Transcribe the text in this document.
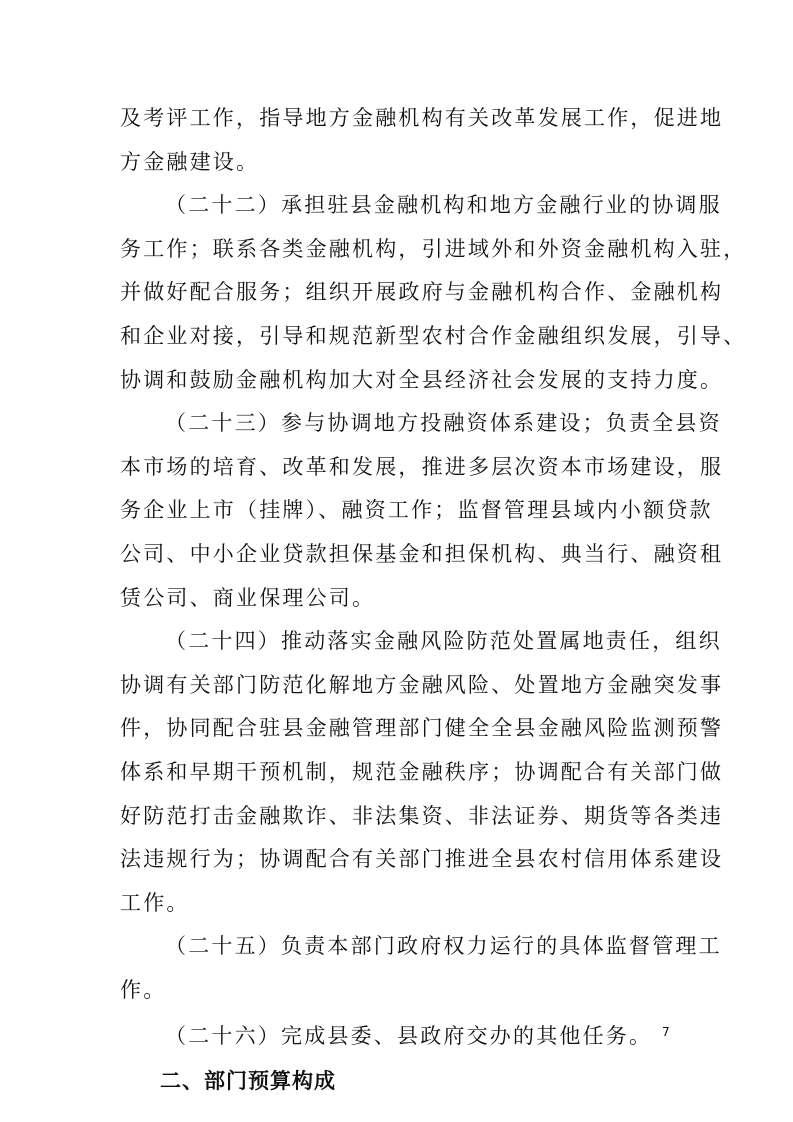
及考评工作，指导地方金融机构有关改革发展工作，促进地
方金融建设。
（二十二）承担驻县金融机构和地方金融行业的协调服
务工作；联系各类金融机构，引进域外和外资金融机构入驻，
并做好配合服务；组织开展政府与金融机构合作、金融机构
和企业对接，引导和规范新型农村合作金融组织发展，引导、
协调和鼓励金融机构加大对全县经济社会发展的支持力度。
（二十三）参与协调地方投融资体系建设；负责全县资
本市场的培育、改革和发展，推进多层次资本市场建设，服
务企业上市（挂牌）、融资工作；监督管理县域内小额贷款
公司、中小企业贷款担保基金和担保机构、典当行、融资租
赁公司、商业保理公司。
（二十四）推动落实金融风险防范处置属地责任，组织
协调有关部门防范化解地方金融风险、处置地方金融突发事
件，协同配合驻县金融管理部门健全全县金融风险监测预警
体系和早期干预机制，规范金融秩序；协调配合有关部门做
好防范打击金融欺诈、非法集资、非法证券、期货等各类违
法违规行为；协调配合有关部门推进全县农村信用体系建设
工作。
（二十五）负责本部门政府权力运行的具体监督管理工
作。
（二十六）完成县委、县政府交办的其他任务。
二、部门预算构成
7
